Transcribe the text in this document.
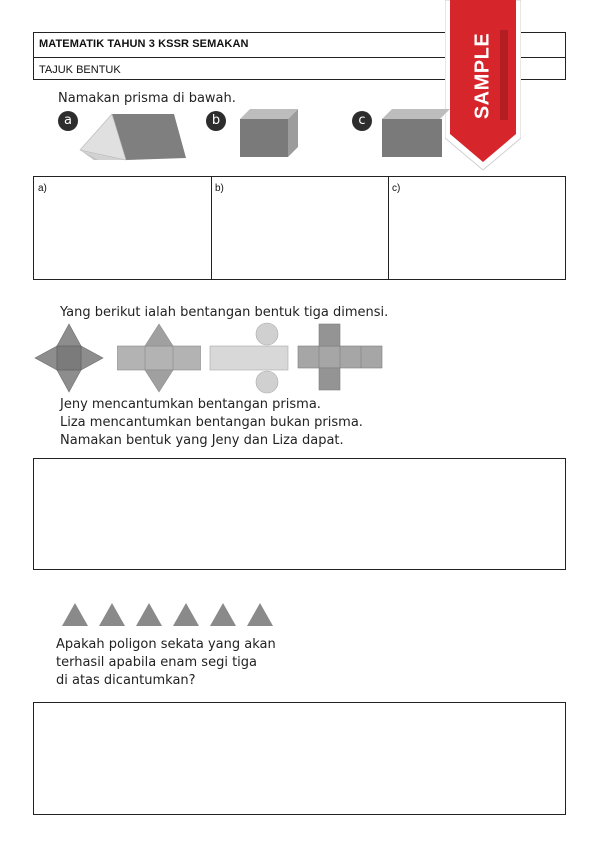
MATEMATIK TAHUN 3 KSSR SEMAKAN
TAJUK BENTUK	SAMPLE
Namakan prisma di bawah.
a	b	c
a)	b)	c)
Yang berikut ialah bentangan bentuk tiga dimensi.
Jeny mencantumkan bentangan prisma.
Liza mencantumkan bentangan bukan prisma.
Namakan bentuk yang Jeny dan Liza dapat.
Apakah poligon sekata yang akan
terhasil apabila enam segi tiga
di atas dicantumkan?
